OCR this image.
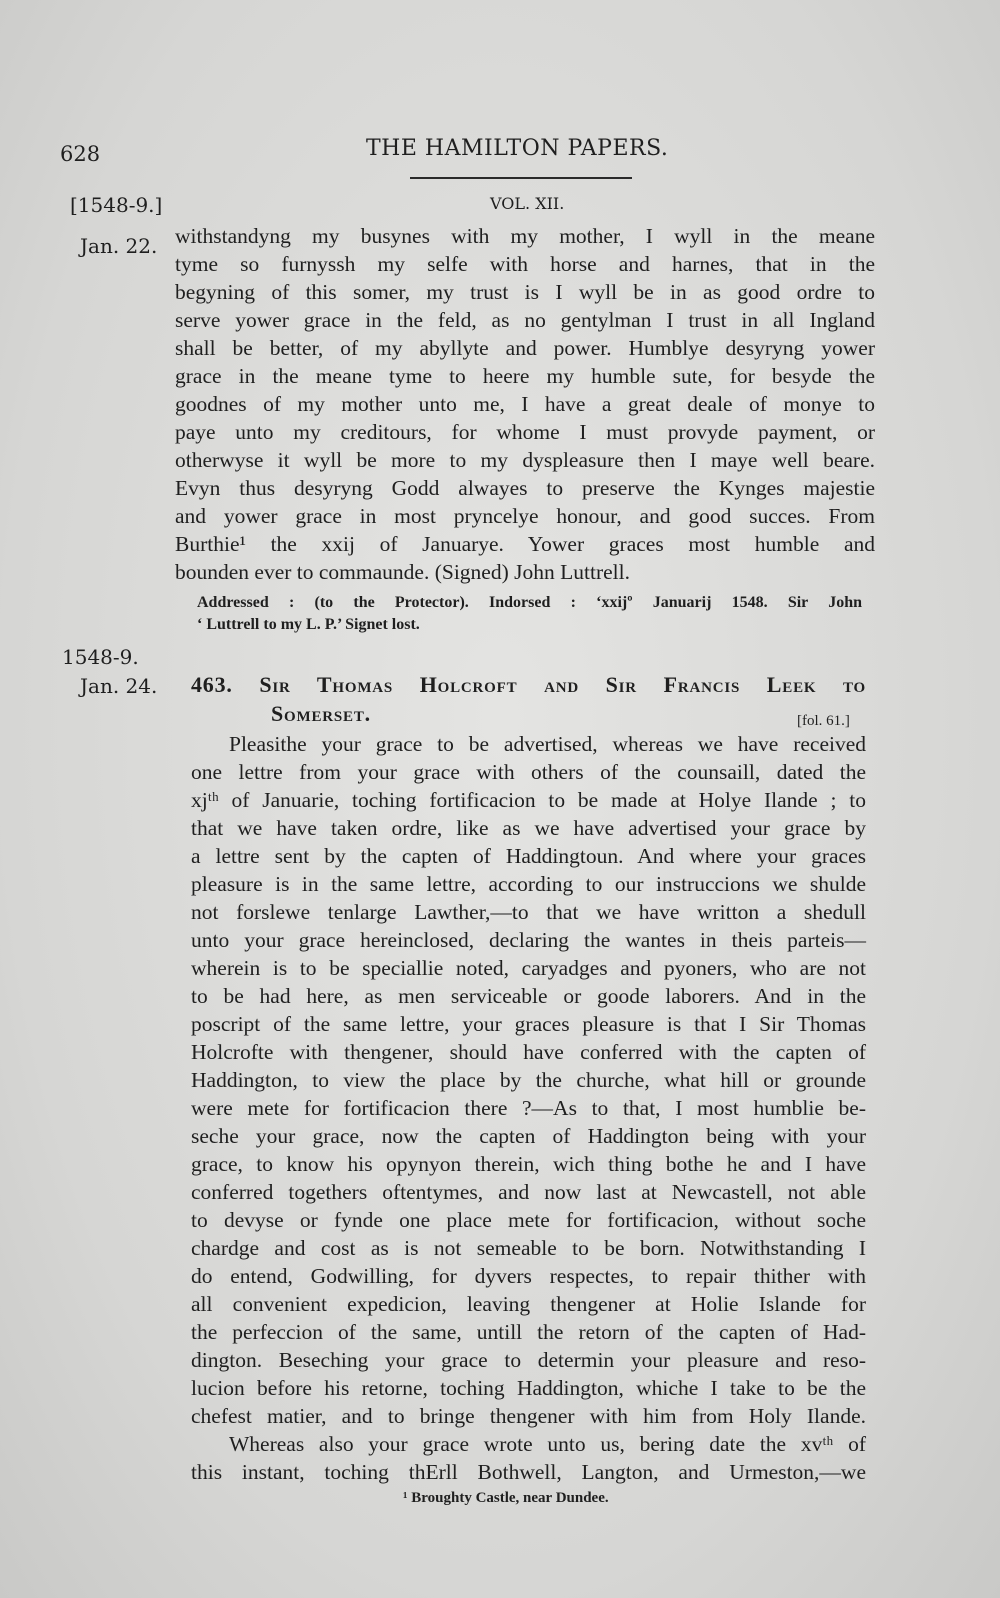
628	THE HAMILTON PAPERS.
[1548-9.]	VOL. XII.
Jan. 22.
1548-9.
Jan. 24.
withstandyng my busynes with my mother, I wyll in the meane
tyme so furnyssh my selfe with horse and harnes, that in the
begyning of this somer, my trust is I wyll be in as good ordre to
serve yower grace in the feld, as no gentylman I trust in all Ingland
shall be better, of my abyllyte and power. Humblye desyryng yower
grace in the meane tyme to heere my humble sute, for besyde the
goodnes of my mother unto me, I have a great deale of monye to
paye unto my creditours, for whome I must provyde payment, or
otherwyse it wyll be more to my dyspleasure then I maye well beare.
Evyn thus desyryng Godd alwayes to preserve the Kynges majestie
and yower grace in most pryncelye honour, and good succes. From
Burthie¹ the xxij of Januarye. Yower graces most humble and
bounden ever to commaunde. (Signed) John Luttrell.
Addressed : (to the Protector). Indorsed : ‘xxijº Januarij 1548. Sir John
‘ Luttrell to my L. P.’ Signet lost.
463. Sir Thomas Holcroft and Sir Francis Leek to
Somerset.	[fol. 61.]
Pleasithe your grace to be advertised, whereas we have received
one lettre from your grace with others of the counsaill, dated the
xjᵗʰ of Januarie, toching fortificacion to be made at Holye Ilande ; to
that we have taken ordre, like as we have advertised your grace by
a lettre sent by the capten of Haddingtoun. And where your graces
pleasure is in the same lettre, according to our instruccions we shulde
not forslewe tenlarge Lawther,—to that we have writton a shedull
unto your grace hereinclosed, declaring the wantes in theis parteis—
wherein is to be speciallie noted, caryadges and pyoners, who are not
to be had here, as men serviceable or goode laborers. And in the
poscript of the same lettre, your graces pleasure is that I Sir Thomas
Holcrofte with thengener, should have conferred with the capten of
Haddington, to view the place by the churche, what hill or grounde
were mete for fortificacion there ?—As to that, I most humblie be-
seche your grace, now the capten of Haddington being with your
grace, to know his opynyon therein, wich thing bothe he and I have
conferred togethers oftentymes, and now last at Newcastell, not able
to devyse or fynde one place mete for fortificacion, without soche
chardge and cost as is not semeable to be born. Notwithstanding I
do entend, Godwilling, for dyvers respectes, to repair thither with
all convenient expedicion, leaving thengener at Holie Islande for
the perfeccion of the same, untill the retorn of the capten of Had-
dington. Beseching your grace to determin your pleasure and reso-
lucion before his retorne, toching Haddington, whiche I take to be the
chefest matier, and to bringe thengener with him from Holy Ilande.
Whereas also your grace wrote unto us, bering date the xvᵗʰ of
this instant, toching thErll Bothwell, Langton, and Urmeston,—we
¹ Broughty Castle, near Dundee.
